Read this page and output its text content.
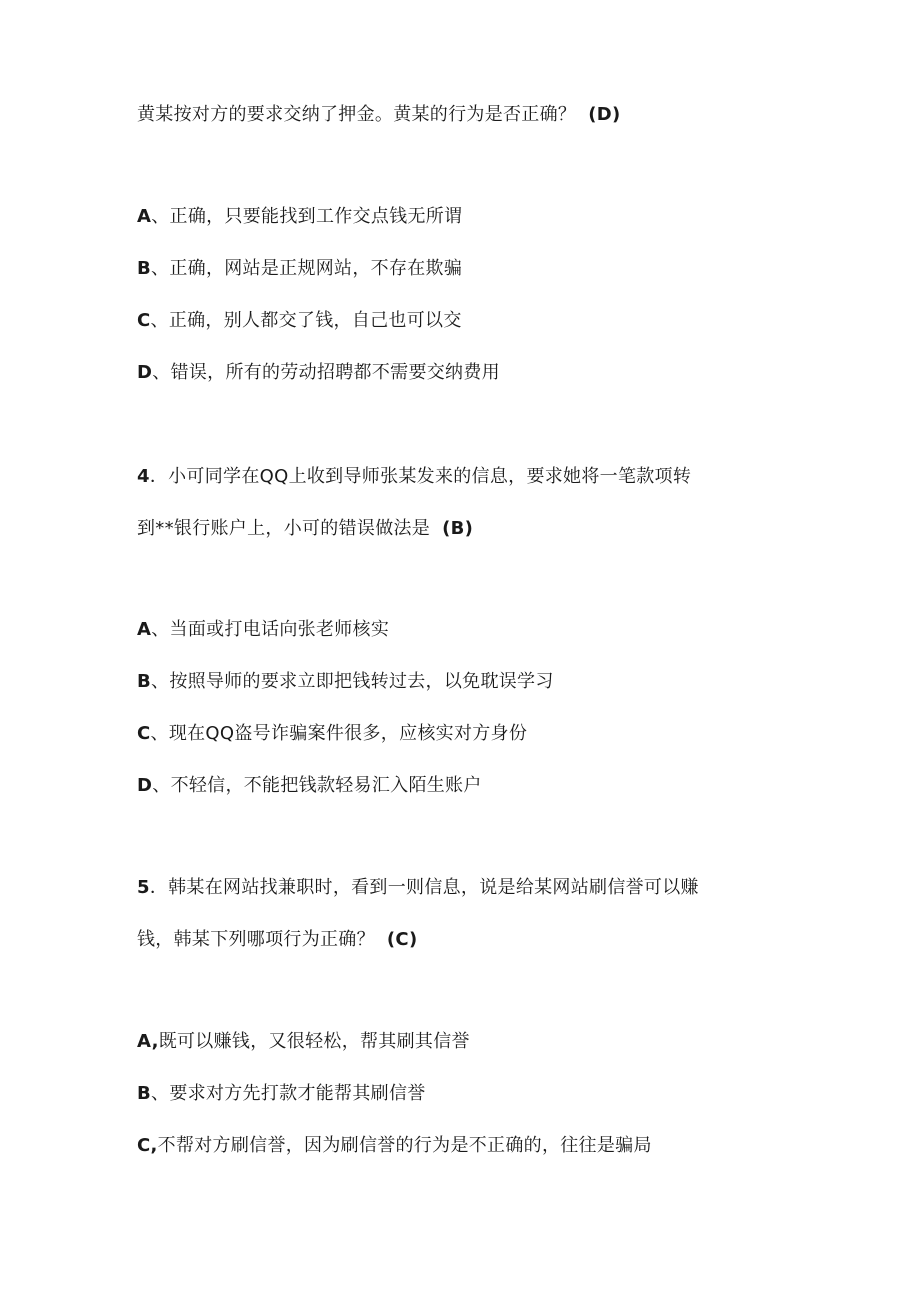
黄某按对方的要求交纳了押金。黄某的行为是否正确？ (D)
A、正确，只要能找到工作交点钱无所谓
B、正确，网站是正规网站，不存在欺骗
C、正确，别人都交了钱，自己也可以交
D、错误，所有的劳动招聘都不需要交纳费用
4．小可同学在QQ上收到导师张某发来的信息，要求她将一笔款项转
到**银行账户上，小可的错误做法是 (B)
A、当面或打电话向张老师核实
B、按照导师的要求立即把钱转过去，以免耽误学习
C、现在QQ盗号诈骗案件很多，应核实对方身份
D、不轻信，不能把钱款轻易汇入陌生账户
5．韩某在网站找兼职时，看到一则信息，说是给某网站刷信誉可以赚
钱，韩某下列哪项行为正确？ (C)
A,既可以赚钱，又很轻松，帮其刷其信誉
B、要求对方先打款才能帮其刷信誉
C,不帮对方刷信誉，因为刷信誉的行为是不正确的，往往是骗局
